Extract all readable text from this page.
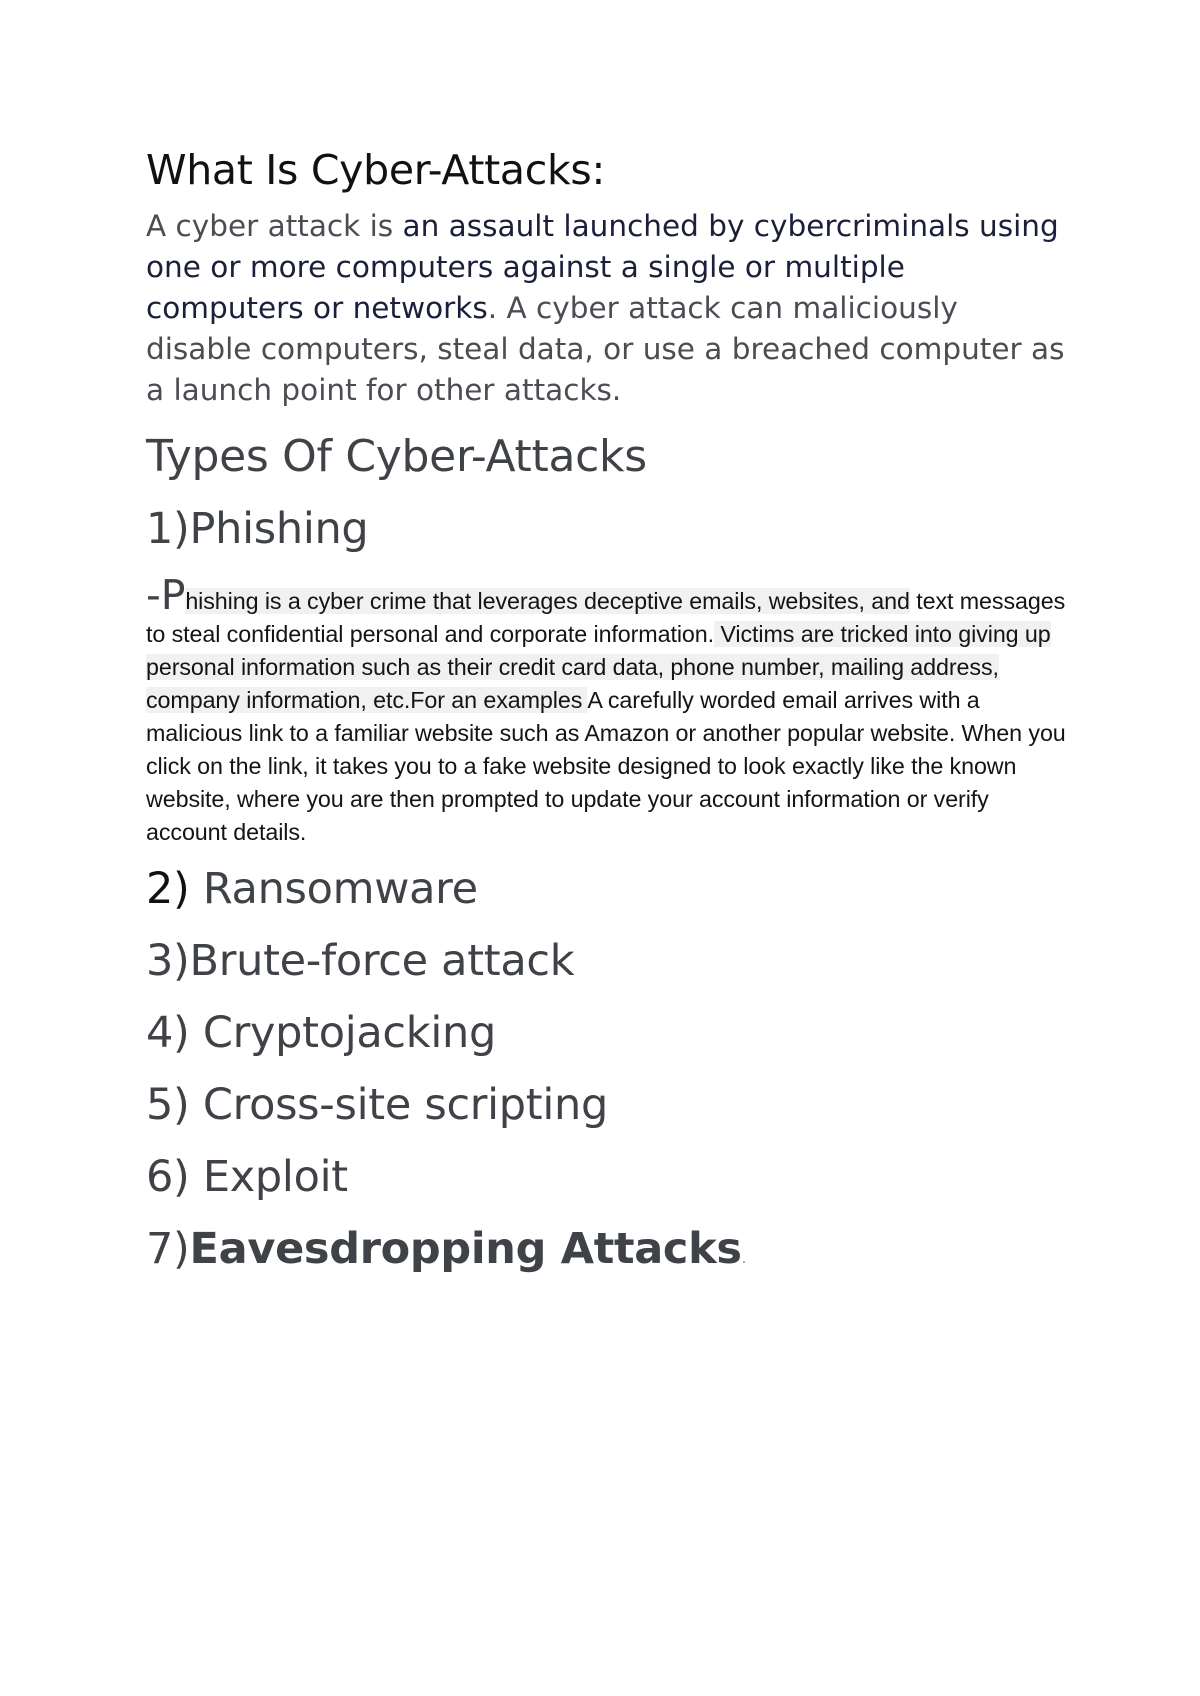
What Is Cyber-Attacks:

A cyber attack is an assault launched by cybercriminals using one or more computers against a single or multiple computers or networks. A cyber attack can maliciously disable computers, steal data, or use a breached computer as a launch point for other attacks.

Types Of Cyber-Attacks
1)Phishing

-Phishing is a cyber crime that leverages deceptive emails, websites, and text messages to steal confidential personal and corporate information. Victims are tricked into giving up personal information such as their credit card data, phone number, mailing address, company information, etc.For an examples A carefully worded email arrives with a malicious link to a familiar website such as Amazon or another popular website. When you click on the link, it takes you to a fake website designed to look exactly like the known website, where you are then prompted to update your account information or verify account details.

2) Ransomware
3)Brute-force attack
4) Cryptojacking
5) Cross-site scripting
6) Exploit
7)Eavesdropping Attacks.
